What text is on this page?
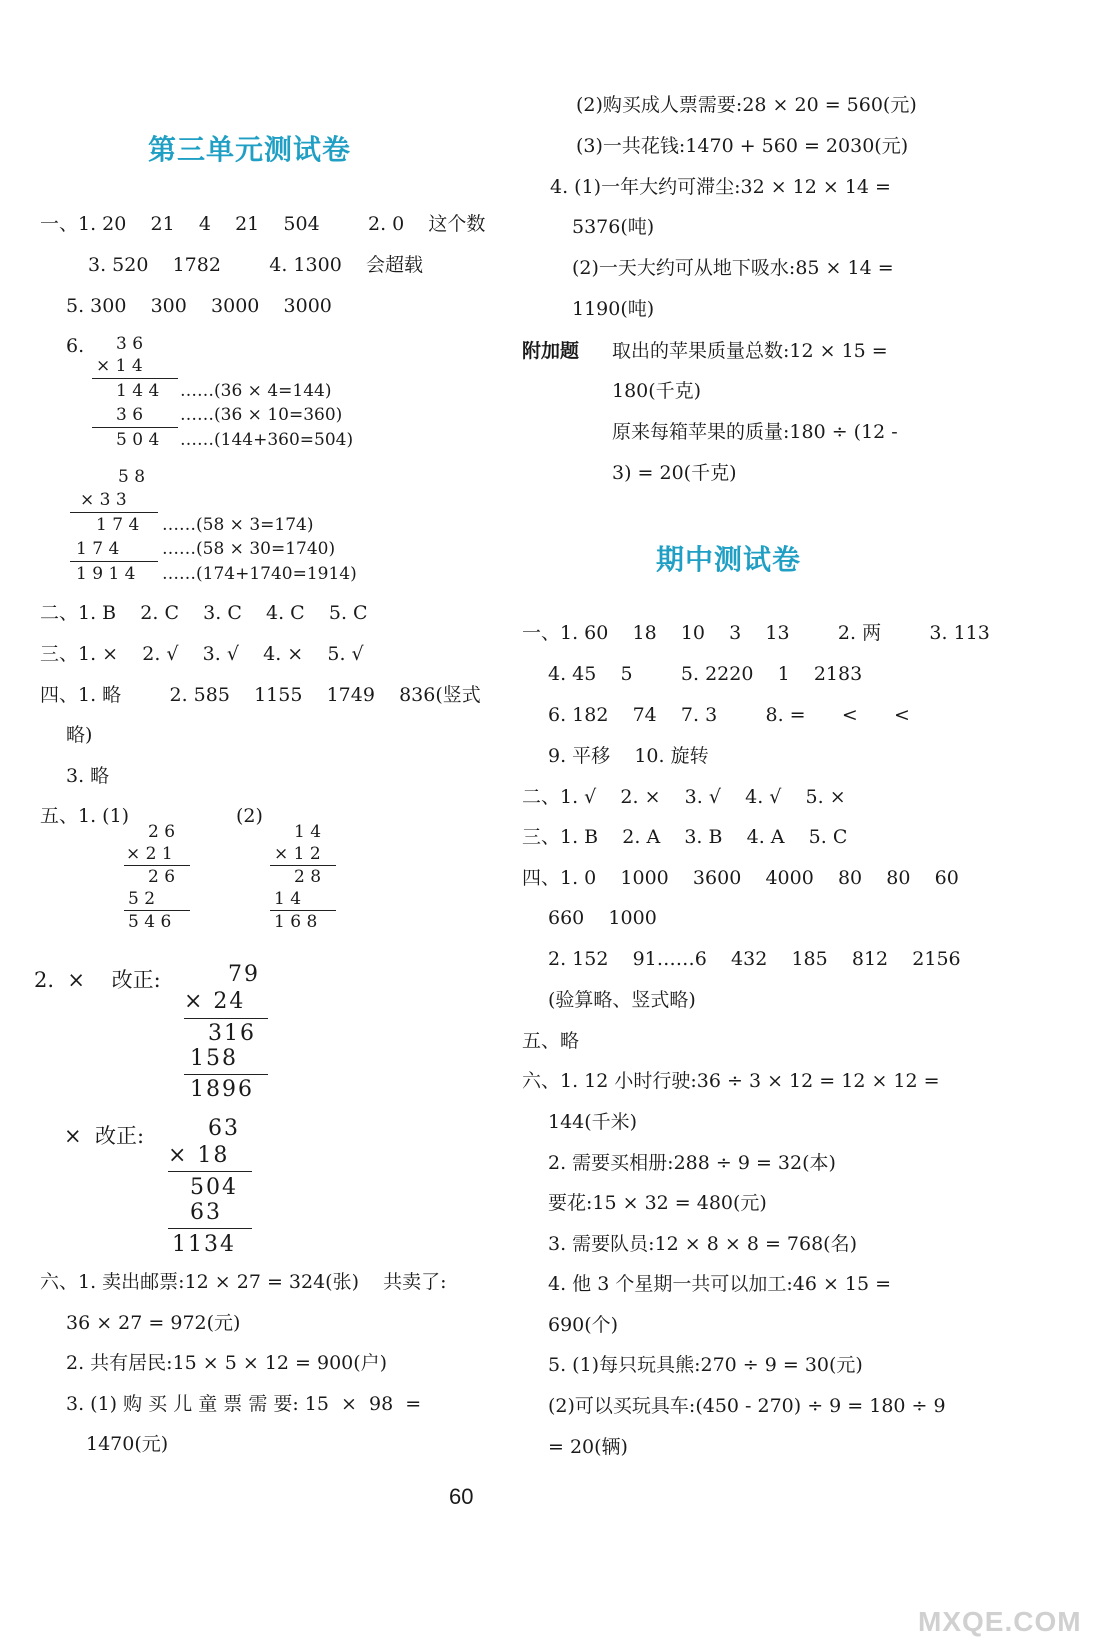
第三单元测试卷
一、1. 20    21    4    21    504        2. 0    这个数
3. 520    1782        4. 1300    会超载
5. 300    300    3000    3000
6. 3 6
× 1 4
1 4 4 ……(36 × 4=144)
3 6 ……(36 × 10=360)
5 0 4 ……(144+360=504)
5 8
× 3 3
1 7 4 ……(58 × 3=174)
1 7 4	……(58 × 30=1740)
1 9 1 4 ……(174+1740=1914)
二、1. B    2. C    3. C    4. C    5. C
三、1. ×    2. √    3. √    4. ×    5. √
四、1. 略        2. 585    1155    1749    836(竖式
略)
3. 略
五、1. (1)	(2)
2 6
× 2 1
2 6
5 2
5 4 6
1 4
× 1 2
2 8
1 4
1 6 8
2.  ×    改正:	79
× 24
316
158
1896
×  改正:	63
× 18
504
63
1134
六、1. 卖出邮票:12 × 27 = 324(张)    共卖了:
36 × 27 = 972(元)
2. 共有居民:15 × 5 × 12 = 900(户)
3. (1) 购 买 儿 童 票 需 要: 15  ×  98  =
1470(元)
(2)购买成人票需要:28 × 20 = 560(元)
(3)一共花钱:1470 + 560 = 2030(元)
4. (1)一年大约可滞尘:32 × 12 × 14 =
5376(吨)
(2)一天大约可从地下吸水:85 × 14 =
1190(吨)
附加题 取出的苹果质量总数:12 × 15 =
180(千克)
原来每箱苹果的质量:180 ÷ (12 -
3) = 20(千克)
期中测试卷
一、1. 60    18    10    3    13        2. 两        3. 113
4. 45    5        5. 2220    1    2183
6. 182    74    7. 3        8. =      <      <
9. 平移    10. 旋转
二、1. √    2. ×    3. √    4. √    5. ×
三、1. B    2. A    3. B    4. A    5. C
四、1. 0    1000    3600    4000    80    80    60
660    1000
2. 152    91……6    432    185    812    2156
(验算略、竖式略)
五、略
六、1. 12 小时行驶:36 ÷ 3 × 12 = 12 × 12 =
144(千米)
2. 需要买相册:288 ÷ 9 = 32(本)
要花:15 × 32 = 480(元)
3. 需要队员:12 × 8 × 8 = 768(名)
4. 他 3 个星期一共可以加工:46 × 15 =
690(个)
5. (1)每只玩具熊:270 ÷ 9 = 30(元)
(2)可以买玩具车:(450 - 270) ÷ 9 = 180 ÷ 9
= 20(辆)
60
MXQE.COM
